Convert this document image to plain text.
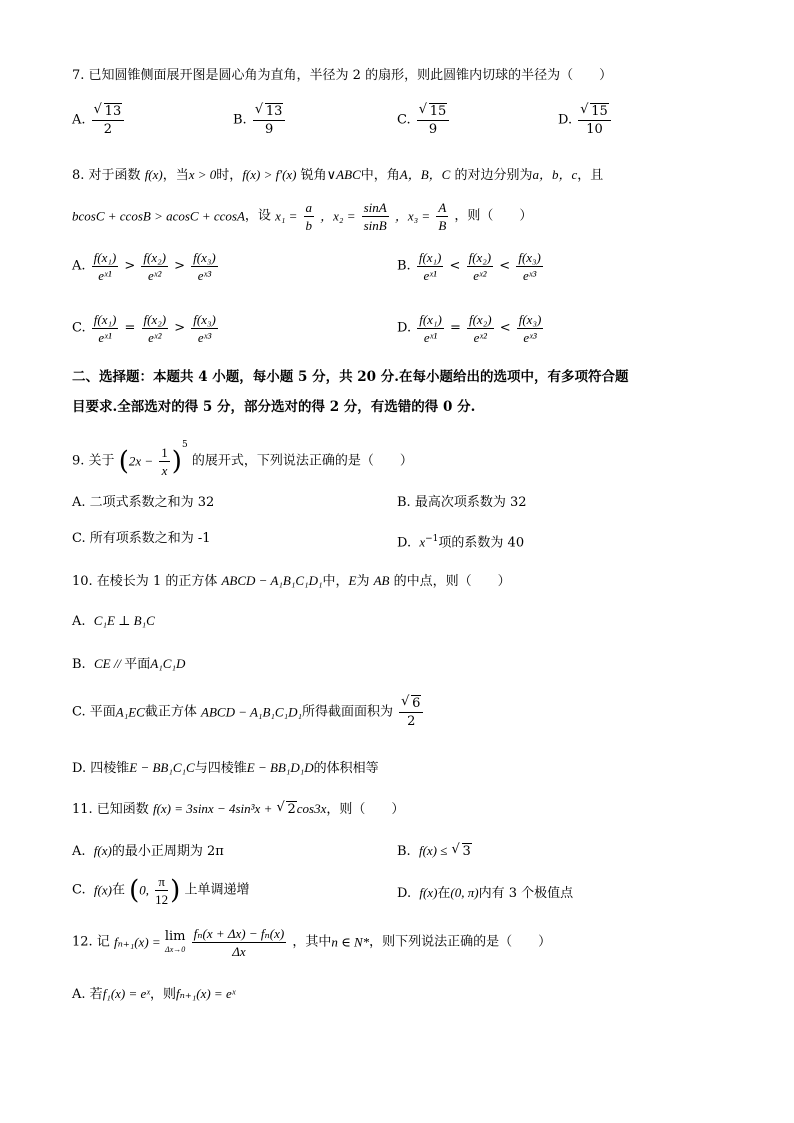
7. 已知圆锥侧面展开图是圆心角为直角，半径为 2 的扇形，则此圆锥内切球的半径为（　　）
A. $\frac{√ 13}{2}$	B. $\frac{√ 13}{9}$	C. $\frac{√ 15}{9}$	D. $\frac{√ 15}{10}$
8. 对于函数 f(x)，当x > 0时，f(x) > f′(x) 锐角∨ABC中，角A，B，C 的对边分别为a，b，c，且
bcosC + ccosB > acosC + ccosA，设 $x_1 = \frac{a}{b}$ ，$x_2 = \frac{\sin A}{\sin B}$ ，$x_3 = \frac{A}{B}$ ，则（　　）
A. $\frac{\text{f(x₁)}}{\text{eˣ¹}} > \frac{\text{f(x₂)}}{\text{eˣ²}} > \frac{\text{f(x₃)}}{\text{eˣ³}}$	B. $\frac{\text{f(x₁)}}{\text{eˣ¹}} < \frac{\text{f(x₂)}}{\text{eˣ²}} < \frac{\text{f(x₃)}}{\text{eˣ³}}$
C. $\frac{\text{f(x₁)}}{\text{eˣ¹}} = \frac{\text{f(x₂)}}{\text{eˣ²}} > \frac{\text{f(x₃)}}{\text{eˣ³}}$	D. $\frac{\text{f(x₁)}}{\text{eˣ¹}} = \frac{\text{f(x₂)}}{\text{eˣ²}} < \frac{\text{f(x₃)}}{\text{eˣ³}}$
二、选择题：本题共 4 小题，每小题 5 分，共 20 分.在每小题给出的选项中，有多项符合题
目要求.全部选对的得 5 分，部分选对的得 2 分，有选错的得 0 分.
9. 关于 $(2x - \frac{1}{x} )^5$ 的展开式，下列说法正确的是（　　）
A. 二项式系数之和为 32	B. 最高次项系数为 32
C. 所有项系数之和为 -1	D. $x^{-1}$项的系数为 40
10. 在棱长为 1 的正方体 ABCD − A₁B₁C₁D₁中，E为 AB 的中点，则（　　）
A. C₁E ⊥ B₁C
B. CE // 平面A₁C₁D
C. 平面A₁EC截正方体 ABCD − A₁B₁C₁D₁所得截面面积为 $\frac{√ 6}{2}$
D. 四棱锥E − BB₁C₁C与四棱锥E − BB₁D₁D的体积相等
11. 已知函数 f(x) = 3sinx − 4sin³x + √ 2cos3x，则（　　）
A. f(x)的最小正周期为 2π	B. f(x) ≤ √ 3
C. f(x)在 (0, $\frac{\pi}{12}$ ) 上单调递增	D. f(x)在(0, π)内有 3 个极值点
12. 记 fₙ₊₁(x) = lim
Δx→0
$\frac{\text{fₙ(x + Δx) − fₙ(x)}}{\Delta x}$ ，其中n ∈ N*，则下列说法正确的是（　　）
A. 若f₁(x) = eˣ，则fₙ₊₁(x) = eˣ
